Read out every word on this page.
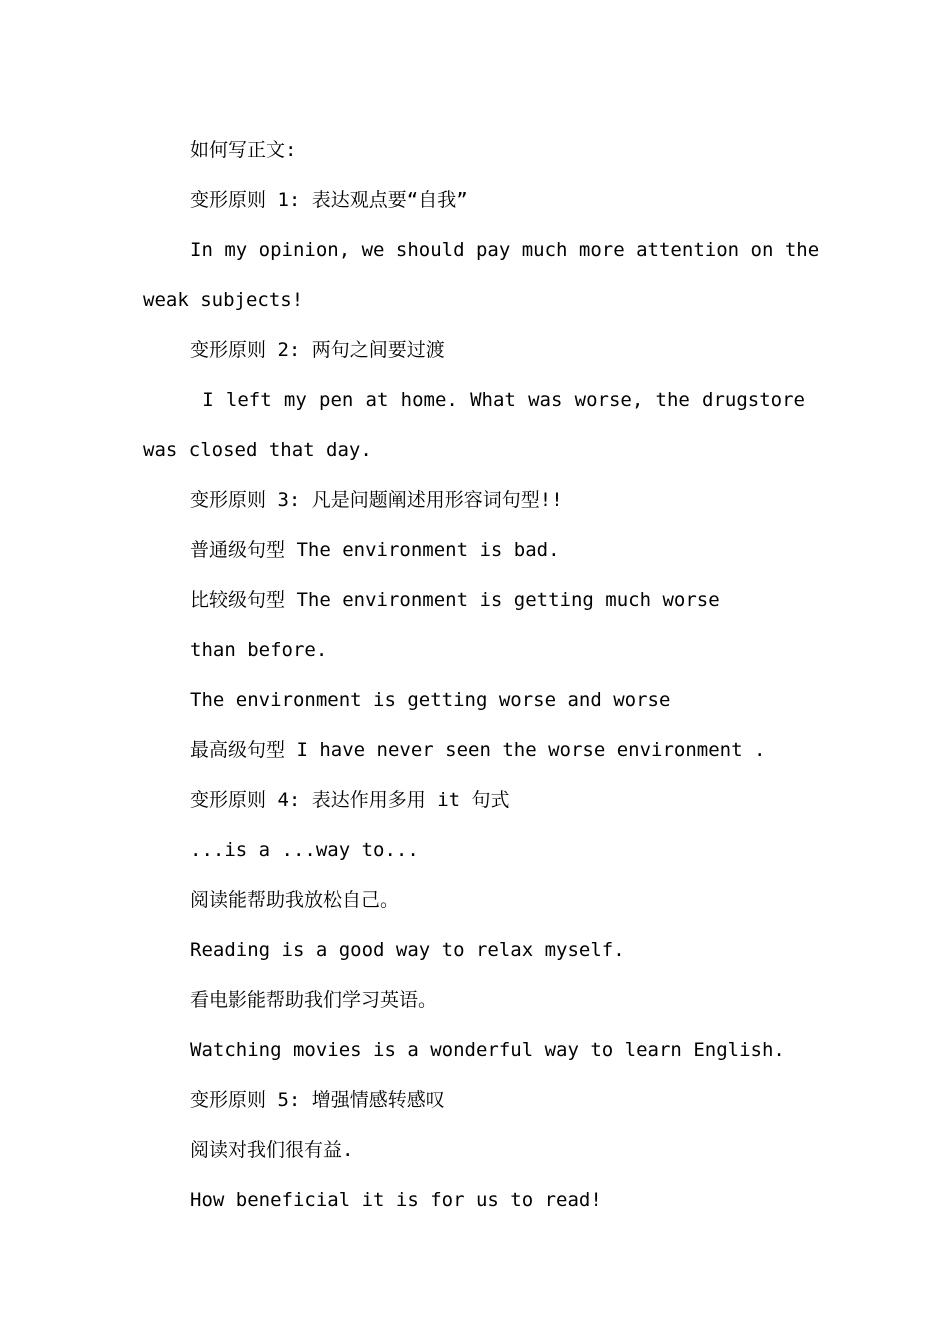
如何写正文:
变形原则 1: 表达观点要“自我”
In my opinion, we should pay much more attention on the
weak subjects!
变形原则 2: 两句之间要过渡
I left my pen at home. What was worse, the drugstore
was closed that day.
变形原则 3: 凡是问题阐述用形容词句型!!
普通级句型 The environment is bad.
比较级句型 The environment is getting much worse
than before.
The environment is getting worse and worse
最高级句型 I have never seen the worse environment .
变形原则 4: 表达作用多用 it 句式
...is a ...way to...
阅读能帮助我放松自己。
Reading is a good way to relax myself.
看电影能帮助我们学习英语。
Watching movies is a wonderful way to learn English.
变形原则 5: 增强情感转感叹
阅读对我们很有益.
How beneficial it is for us to read!
